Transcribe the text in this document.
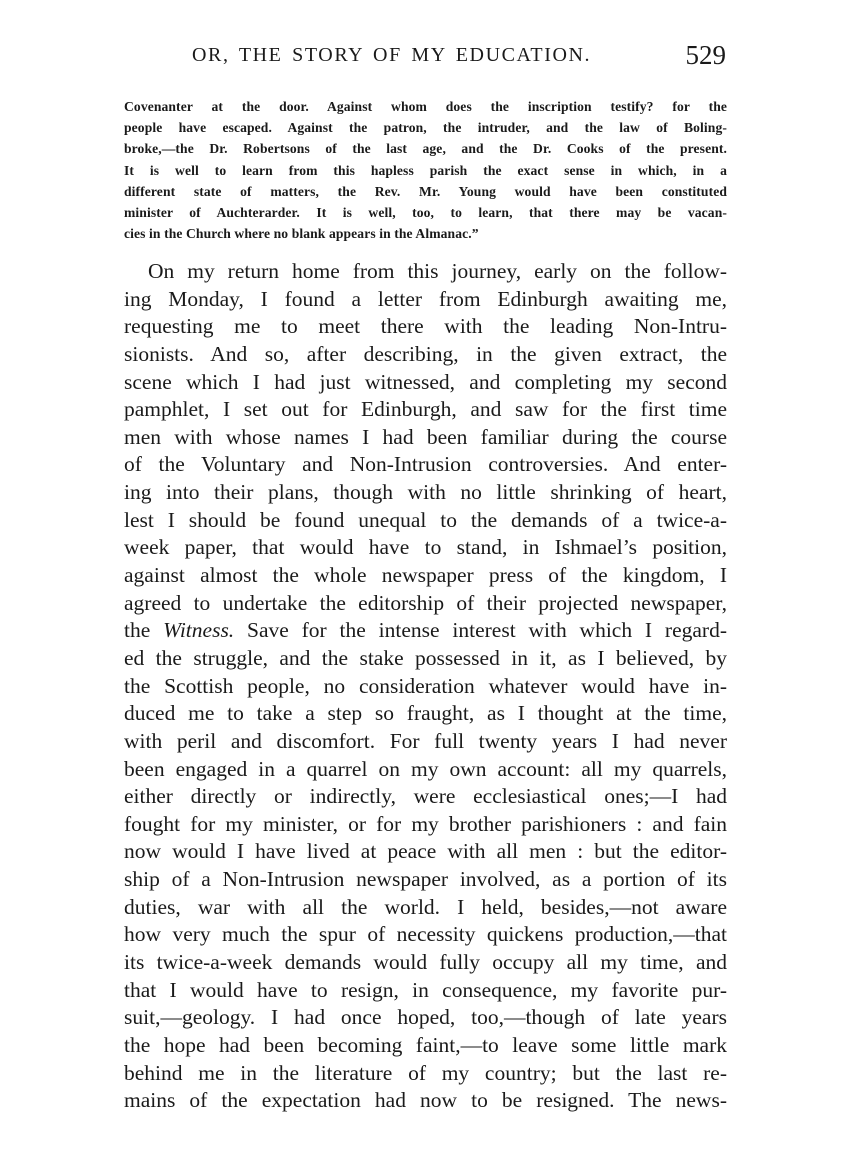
OR, THE STORY OF MY EDUCATION.	529
Covenanter at the door. Against whom does the inscription testify? for the
people have escaped. Against the patron, the intruder, and the law of Boling-
broke,—the Dr. Robertsons of the last age, and the Dr. Cooks of the present.
It is well to learn from this hapless parish the exact sense in which, in a
different state of matters, the Rev. Mr. Young would have been constituted
minister of Auchterarder. It is well, too, to learn, that there may be vacan-
cies in the Church where no blank appears in the Almanac.”
On my return home from this journey, early on the follow-
ing Monday, I found a letter from Edinburgh awaiting me,
requesting me to meet there with the leading Non-Intru-
sionists. And so, after describing, in the given extract, the
scene which I had just witnessed, and completing my second
pamphlet, I set out for Edinburgh, and saw for the first time
men with whose names I had been familiar during the course
of the Voluntary and Non-Intrusion controversies. And enter-
ing into their plans, though with no little shrinking of heart,
lest I should be found unequal to the demands of a twice-a-
week paper, that would have to stand, in Ishmael’s position,
against almost the whole newspaper press of the kingdom, I
agreed to undertake the editorship of their projected newspaper,
the Witness. Save for the intense interest with which I regard-
ed the struggle, and the stake possessed in it, as I believed, by
the Scottish people, no consideration whatever would have in-
duced me to take a step so fraught, as I thought at the time,
with peril and discomfort. For full twenty years I had never
been engaged in a quarrel on my own account: all my quarrels,
either directly or indirectly, were ecclesiastical ones;—I had
fought for my minister, or for my brother parishioners : and fain
now would I have lived at peace with all men : but the editor-
ship of a Non-Intrusion newspaper involved, as a portion of its
duties, war with all the world. I held, besides,—not aware
how very much the spur of necessity quickens production,—that
its twice-a-week demands would fully occupy all my time, and
that I would have to resign, in consequence, my favorite pur-
suit,—geology. I had once hoped, too,—though of late years
the hope had been becoming faint,—to leave some little mark
behind me in the literature of my country; but the last re-
mains of the expectation had now to be resigned. The news-
